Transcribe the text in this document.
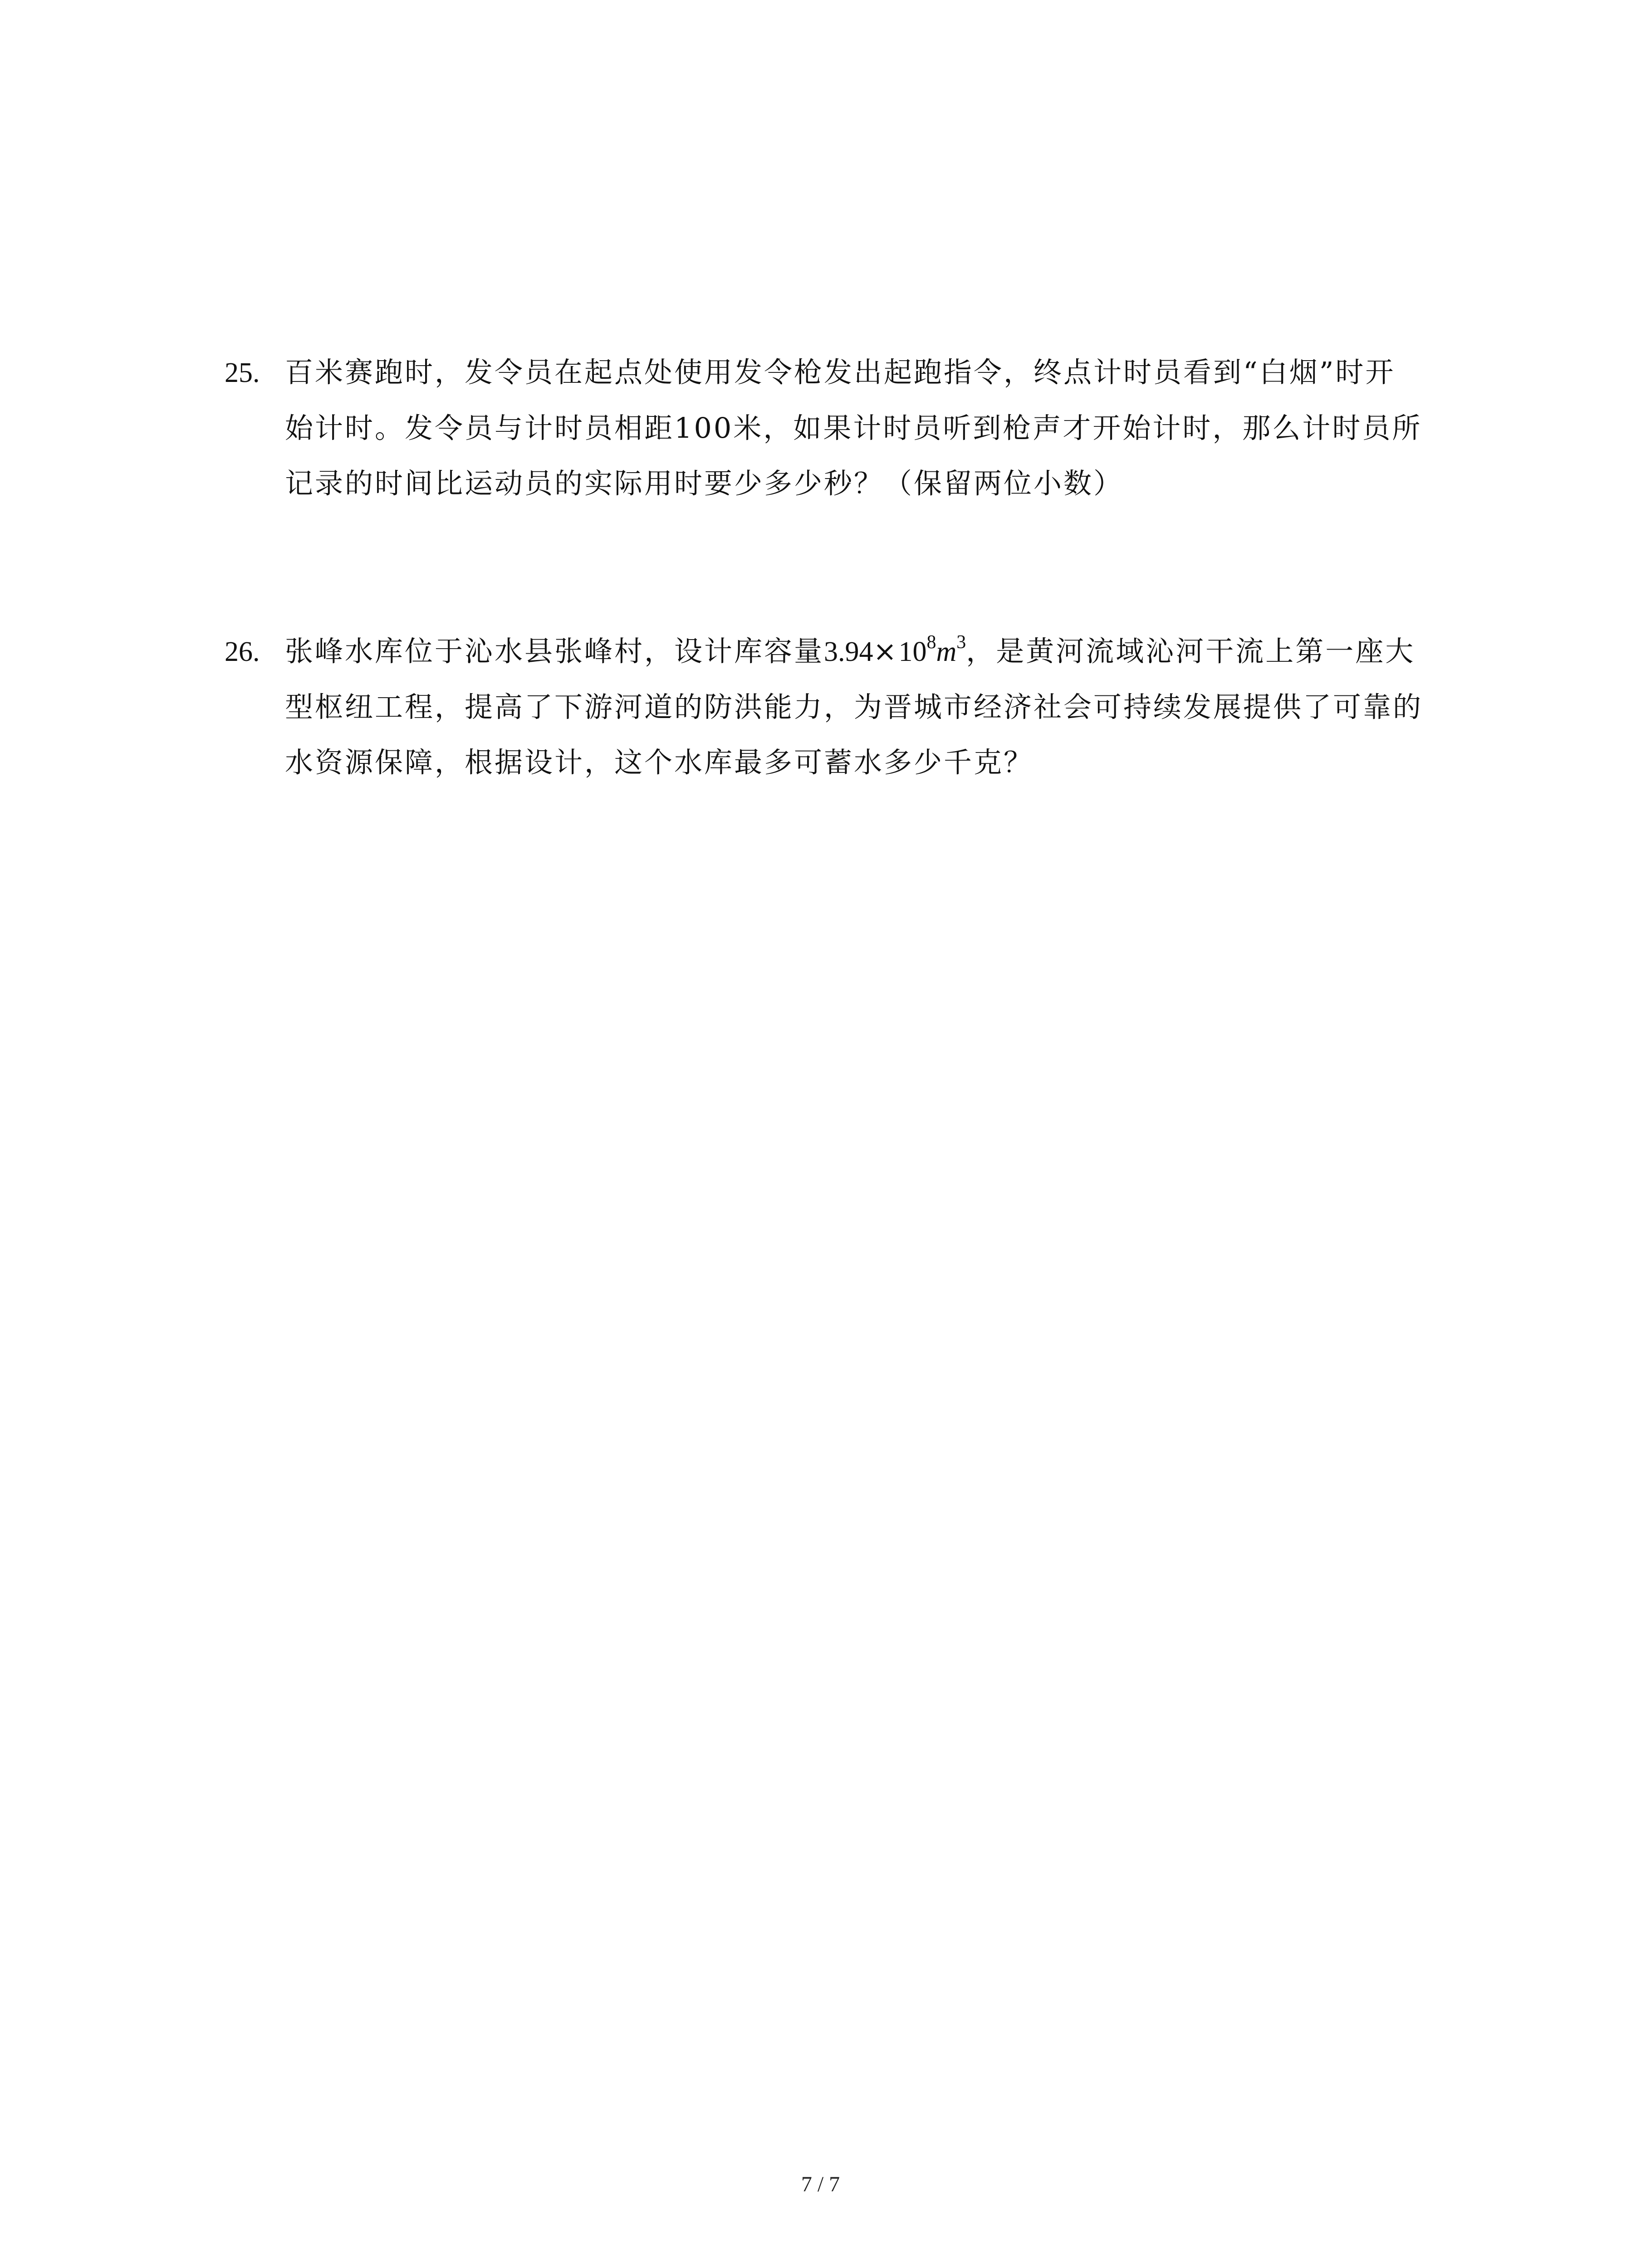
25. 百米赛跑时，发令员在起点处使用发令枪发出起跑指令，终点计时员看到“白烟”时开
始计时。发令员与计时员相距100米，如果计时员听到枪声才开始计时，那么计时员所
记录的时间比运动员的实际用时要少多少秒？（保留两位小数）
26. 张峰水库位于沁水县张峰村，设计库容量$3.94\times 10^8m^3$，是黄河流域沁河干流上第一座大
型枢纽工程，提高了下游河道的防洪能力，为晋城市经济社会可持续发展提供了可靠的
水资源保障，根据设计，这个水库最多可蓄水多少千克？
7 / 7
